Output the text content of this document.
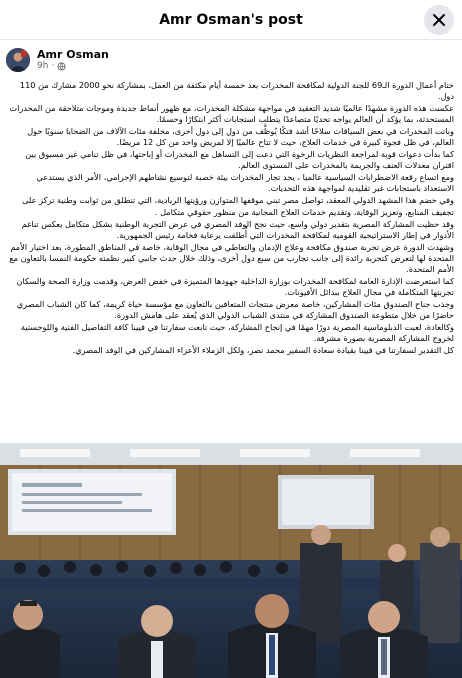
Amr Osman's post
Amr Osman
9h ·

ختام أعمال الدورة الـ69 للجنة الدولية لمكافحة المخدرات بعد خمسة أيام مكثفة من العمل، بمشاركة نحو 2000 مشارك من 110 دول.

عكست هذه الدورة مشهدًا عالميًا شديد التعقيد في مواجهة مشكلة المخدرات، مع ظهور أنماط جديدة وموجات متلاحقة من المخدرات المستحدثة، بما يؤكد أن العالم يواجه تحديًا متصاعدًا يتطلب استجابات أكثر ابتكارًا وحسمًا.

وباتت المخدرات في بعض السياقات سلاحًا أشد فتكًا يُوظَّف من دول إلى دول أخرى، مخلفة مئات الآلاف من الضحايا سنويًا حول العالم، في ظل فجوة كبيرة في خدمات العلاج، حيث لا تتاح عالميًا إلا لمريض واحد من كل 12 مريضًا.

كما بدأت دعوات قوية لمراجعة النظريات الرخوة التي دعت إلى التساهل مع المخدرات أو إباحتها، في ظل تنامي غير مسبوق بين اقتران معدلات العنف والجريمة بالمخدرات على المستوى العالم.

ومع اتساع رقعة الاضطرابات السياسية عالميا ، يجد تجار المخدرات بيئة خصبة لتوسيع نشاطهم الإجرامي، الأمر الذي يستدعي الاستعداد باستجابات غير تقليدية لمواجهة هذه التحديات.

وفي خضم هذا المشهد الدولي المعقد، تواصل مصر تبني موقفها المتوازن ورؤيتها الريادية، التي تنطلق من ثوابت وطنية تركز على تجفيف المنابع، وتعزيز الوقاية، وتقديم خدمات العلاج المجانية من منظور حقوقي متكامل .

وقد حظيت المشاركة المصرية بتقدير دولي واسع، حيث نجح الوفد المصري في عرض التجربة الوطنية بشكل متكامل يعكس تناغم الأدوار في إطار الاستراتيجية القومية لمكافحة المخدرات التي أُطلقت برعاية فخامة رئيس الجمهورية.

وشهدت الدورة عرض تجربة صندوق مكافحة وعلاج الإدمان والتعاطي في مجال الوقاية، خاصة في المناطق المطورة، بعد اختيار الأمم المتحدة لها لتعرض كتجربة رائدة إلى جانب تجارب من سبع دول أخرى، وذلك خلال حدث جانبي كبير نظمته حكومة النمسا بالتعاون مع الأمم المتحدة.

كما استعرضت الإدارة العامة لمكافحة المخدرات بوزارة الداخلية جهودها المتميزة في خفض العرض، وقدمت وزارة الصحة والسكان تجربتها المتكاملة في مجال العلاج ببدائل الأفيونات.

وجذب جناح الصندوق مئات المشاركين، خاصة معرض منتجات المتعافين بالتعاون مع مؤسسة حياة كريمة، كما كان الشباب المصري حاضرًا من خلال متطوعة الصندوق المشاركة في منتدى الشباب الدولي الذي يُعقد على هامش الدورة.

وكالعادة، لعبت الدبلوماسية المصرية دورًا مهمًا في إنجاح المشاركة، حيث تابعت سفارتنا في فيينا كافة التفاصيل الفنية واللوجستية لخروج المشاركة المصرية بصورة مشرفة.

كل التقدير لسفارتنا في فيينا بقيادة سعادة السفير محمد نصر، ولكل الزملاء الأعزاء المشاركين في الوفد المصري.
